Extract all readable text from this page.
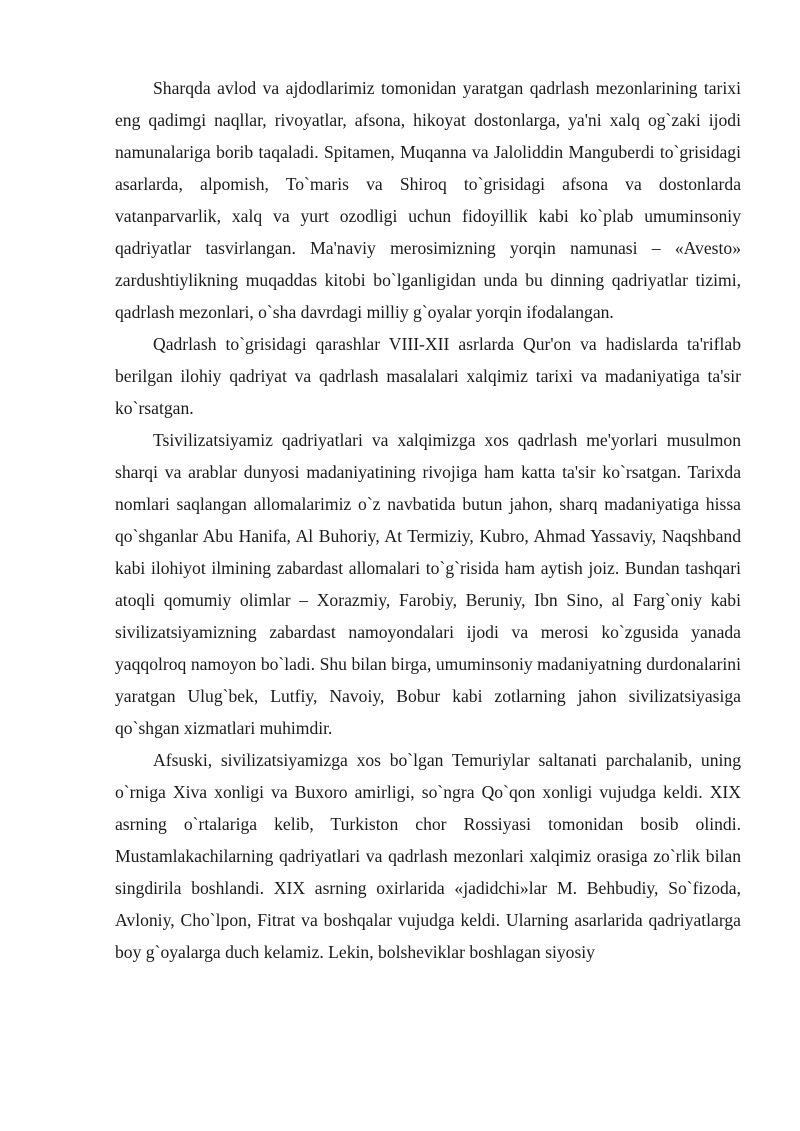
Sharqda avlod va ajdodlarimiz tomonidan yaratgan qadrlash mezonlarining tarixi eng qadimgi naqllar, rivoyatlar, afsona, hikoyat dostonlarga, ya'ni xalq og`zaki ijodi namunalariga borib taqaladi. Spitamen, Muqanna va Jaloliddin Manguberdi to`grisidagi asarlarda, alpomish, To`maris va Shiroq to`grisidagi afsona va dostonlarda vatanparvarlik, xalq va yurt ozodligi uchun fidoyillik kabi ko`plab umuminsoniy qadriyatlar tasvirlangan. Ma'naviy merosimizning yorqin namunasi – «Avesto» zardushtiylikning muqaddas kitobi bo`lganligidan unda bu dinning qadriyatlar tizimi, qadrlash mezonlari, o`sha davrdagi milliy g`oyalar yorqin ifodalangan.

Qadrlash to`grisidagi qarashlar VIII-XII asrlarda Qur'on va hadislarda ta'riflab berilgan ilohiy qadriyat va qadrlash masalalari xalqimiz tarixi va madaniyatiga ta'sir ko`rsatgan.

Tsivilizatsiyamiz qadriyatlari va xalqimizga xos qadrlash me'yorlari musulmon sharqi va arablar dunyosi madaniyatining rivojiga ham katta ta'sir ko`rsatgan. Tarixda nomlari saqlangan allomalarimiz o`z navbatida butun jahon, sharq madaniyatiga hissa qo`shganlar Abu Hanifa, Al Buhoriy, At Termiziy, Kubro, Ahmad Yassaviy, Naqshband kabi ilohiyot ilmining zabardast allomalari to`g`risida ham aytish joiz. Bundan tashqari atoqli qomumiy olimlar – Xorazmiy, Farobiy, Beruniy, Ibn Sino, al Farg`oniy kabi sivilizatsiyamizning zabardast namoyondalari ijodi va merosi ko`zgusida yanada yaqqolroq namoyon bo`ladi. Shu bilan birga, umuminsoniy madaniyatning durdonalarini yaratgan Ulug`bek, Lutfiy, Navoiy, Bobur kabi zotlarning jahon sivilizatsiyasiga qo`shgan xizmatlari muhimdir.

Afsuski, sivilizatsiyamizga xos bo`lgan Temuriylar saltanati parchalanib, uning o`rniga Xiva xonligi va Buxoro amirligi, so`ngra Qo`qon xonligi vujudga keldi. XIX asrning o`rtalariga kelib, Turkiston chor Rossiyasi tomonidan bosib olindi. Mustamlakachilarning qadriyatlari va qadrlash mezonlari xalqimiz orasiga zo`rlik bilan singdirila boshlandi. XIX asrning oxirlarida «jadidchi»lar M. Behbudiy, So`fizoda, Avloniy, Cho`lpon, Fitrat va boshqalar vujudga keldi. Ularning asarlarida qadriyatlarga boy g`oyalarga duch kelamiz. Lekin, bolsheviklar boshlagan siyosiy
